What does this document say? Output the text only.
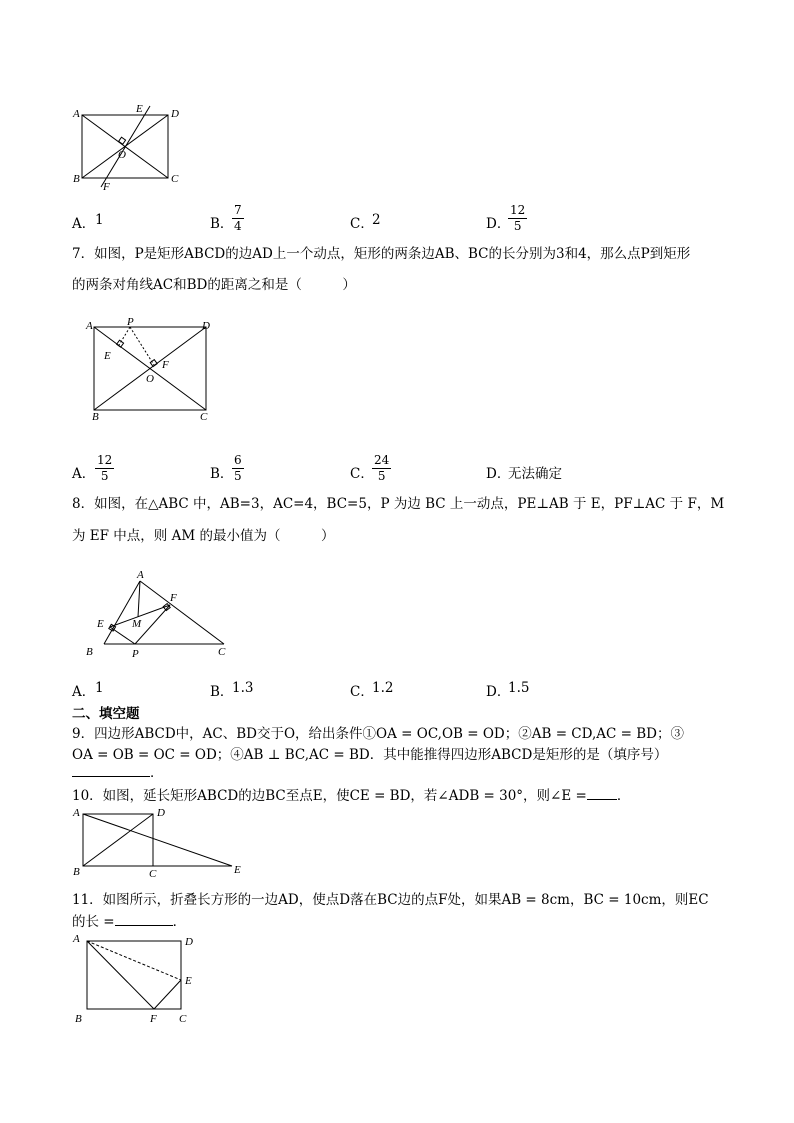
A	D
B	C
E
F
O
A． 1	B．
$\frac{7}{4}$	C．
2	D．
$\frac{12}{5}$
7．如图，P是矩形ABCD的边AD上一个动点，矩形的两条边AB、BC的长分别为3和4，那么点P到矩形
的两条对角线AC和BD的距离之和是（　　　）
A	P	D
E
F
O
B	C
A． $\frac{12}{5}$	B．
$\frac{6}{5}$	C．
$\frac{24}{5}$	D．
无法确定
8．如图，在△ABC 中，AB=3，AC=4，BC=5，P 为边 BC 上一动点，PE⊥AB 于 E，PF⊥AC 于 F，M
为 EF 中点，则 AM 的最小值为（　　　）
A
F
E	M
B	P	C
A． 1	B．
1.3	C．
1.2	D．
1.5
二、填空题
9．四边形ABCD中，AC、BD交于O，给出条件①OA = OC,OB = OD；②AB = CD,AC = BD；③
OA = OB = OC = OD；④AB ⊥ BC,AC = BD．其中能推得四边形ABCD是矩形的是（填序号）
．
10．如图，延长矩形ABCD的边BC至点E，使CE = BD，若∠ADB = 30°，则∠E = ．
A	D
B	C	E
11．如图所示，折叠长方形的一边AD，使点D落在BC边的点F处，如果AB = 8cm，BC = 10cm，则EC
的长 =	．
A	D
E
B	F C
